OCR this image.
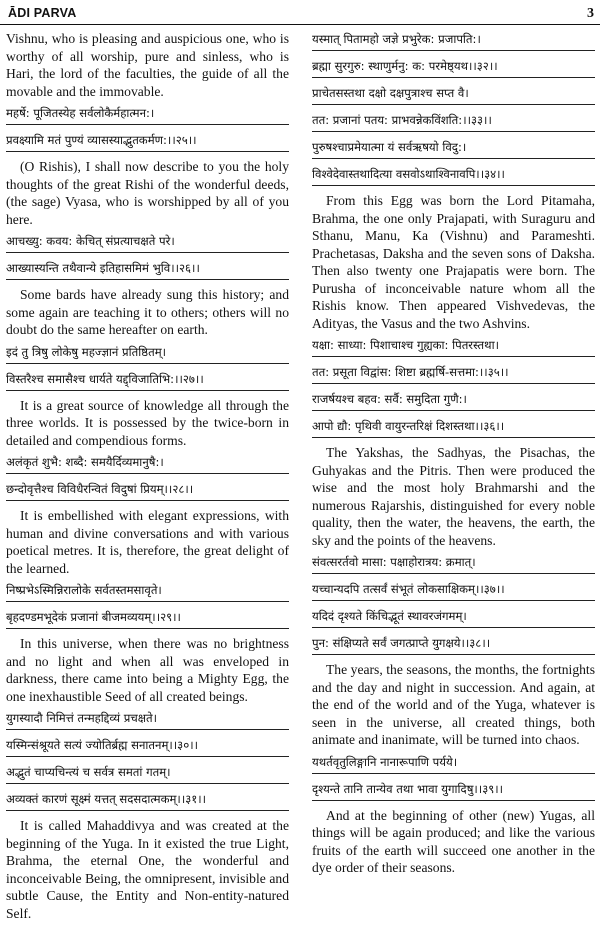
ĀDI PARVA	3

Vishnu, who is pleasing and auspicious one, who is worthy of all worship, pure and sinless, who is Hari, the lord of the faculties, the guide of all the movable and the immovable.

महर्षे: पूजितस्येह सर्वलोकैर्महात्मन:।
प्रवक्ष्यामि मतं पुण्यं व्यासस्याद्भुतकर्मण:।।२५।।

(O Rishis), I shall now describe to you the holy thoughts of the great Rishi of the wonderful deeds, (the sage) Vyasa, who is worshipped by all of you here.

आचख्यु: कवय: केचित् संप्रत्याचक्षते परे।
आख्यास्यन्ति तथैवान्ये इतिहासमिमं भुवि।।२६।।

Some bards have already sung this history; and some again are teaching it to others; others will no doubt do the same hereafter on earth.

इदं तु त्रिषु लोकेषु महज्ज्ञानं प्रतिष्ठितम्।
विस्तरैश्च समासैश्च धार्यते यद्द्विजातिभि:।।२७।।

It is a great source of knowledge all through the three worlds. It is possessed by the twice-born in detailed and compendious forms.

अलंकृतं शुभै: शब्दै: समयैर्दिव्यमानुषै:।
छन्दोवृत्तैश्च विविधैरन्वितं विदुषां प्रियम्।।२८।।

It is embellished with elegant expressions, with human and divine conversations and with various poetical metres. It is, therefore, the great delight of the learned.

निष्प्रभेऽस्मिन्निरालोके सर्वतस्तमसावृते।
बृहदण्डमभूदेकं प्रजानां बीजमव्ययम्।।२९।।

In this universe, when there was no brightness and no light and when all was enveloped in darkness, there came into being a Mighty Egg, the one inexhaustible Seed of all created beings.

युगस्यादौ निमित्तं तन्महद्दिव्यं प्रचक्षते।
यस्मिन्संश्रूयते सत्यं ज्योतिर्ब्रह्म सनातनम्।।३०।।
अद्भुतं चाप्यचिन्त्यं च सर्वत्र समतां गतम्।
अव्यक्तं कारणं सूक्ष्मं यत्तत् सदसदात्मकम्।।३१।।

It is called Mahaddivya and was created at the beginning of the Yuga. In it existed the true Light, Brahma, the eternal One, the wonderful and inconceivable Being, the omnipresent, invisible and subtle Cause, the Entity and Non-entity-natured Self.

यस्मात् पितामहो जज्ञे प्रभुरेक: प्रजापति:।
ब्रह्मा सुरगुरु: स्थाणुर्मनु: क: परमेष्ठ्यथ।।३२।।
प्राचेतसस्तथा दक्षो दक्षपुत्राश्च सप्त वै।
तत: प्रजानां पतय: प्राभवन्नेकविंशति:।।३३।।
पुरुषश्चाप्रमेयात्मा यं सर्वऋषयो विदु:।
विश्वेदेवास्तथादित्या वसवोऽथाश्विनावपि।।३४।।

From this Egg was born the Lord Pitamaha, Brahma, the one only Prajapati, with Suraguru and Sthanu, Manu, Ka (Vishnu) and Parameshti. Prachetasas, Daksha and the seven sons of Daksha. Then also twenty one Prajapatis were born. The Purusha of inconceivable nature whom all the Rishis know. Then appeared Vishvedevas, the Adityas, the Vasus and the two Ashvins.

यक्षा: साध्या: पिशाचाश्च गुह्यका: पितरस्तथा।
तत: प्रसूता विद्वांस: शिष्टा ब्रह्मर्षि-सत्तमा:।।३५।।
राजर्षयश्च बहव: सर्वै: समुदिता गुणै:।
आपो द्यौ: पृथिवी वायुरन्तरिक्षं दिशस्तथा।।३६।।

The Yakshas, the Sadhyas, the Pisachas, the Guhyakas and the Pitris. Then were produced the wise and the most holy Brahmarshi and the numerous Rajarshis, distinguished for every noble quality, then the water, the heavens, the earth, the sky and the points of the heavens.

संवत्सरर्तवो मासा: पक्षाहोरात्रय: क्रमात्।
यच्चान्यदपि तत्सर्वं संभूतं लोकसाक्षिकम्।।३७।।
यदिदं दृश्यते किंचिद्भूतं स्थावरजंगमम्।
पुन: संक्षिप्यते सर्वं जगत्प्राप्ते युगक्षये।।३८।।

The years, the seasons, the months, the fortnights and the day and night in succession. And again, at the end of the world and of the Yuga, whatever is seen in the universe, all created things, both animate and inanimate, will be turned into chaos.

यथर्तवृतुलिङ्गानि नानारूपाणि पर्यये।
दृश्यन्ते तानि तान्येव तथा भावा युगादिषु।।३९।।

And at the beginning of other (new) Yugas, all things will be again produced; and like the various fruits of the earth will succeed one another in the dye order of their seasons.
